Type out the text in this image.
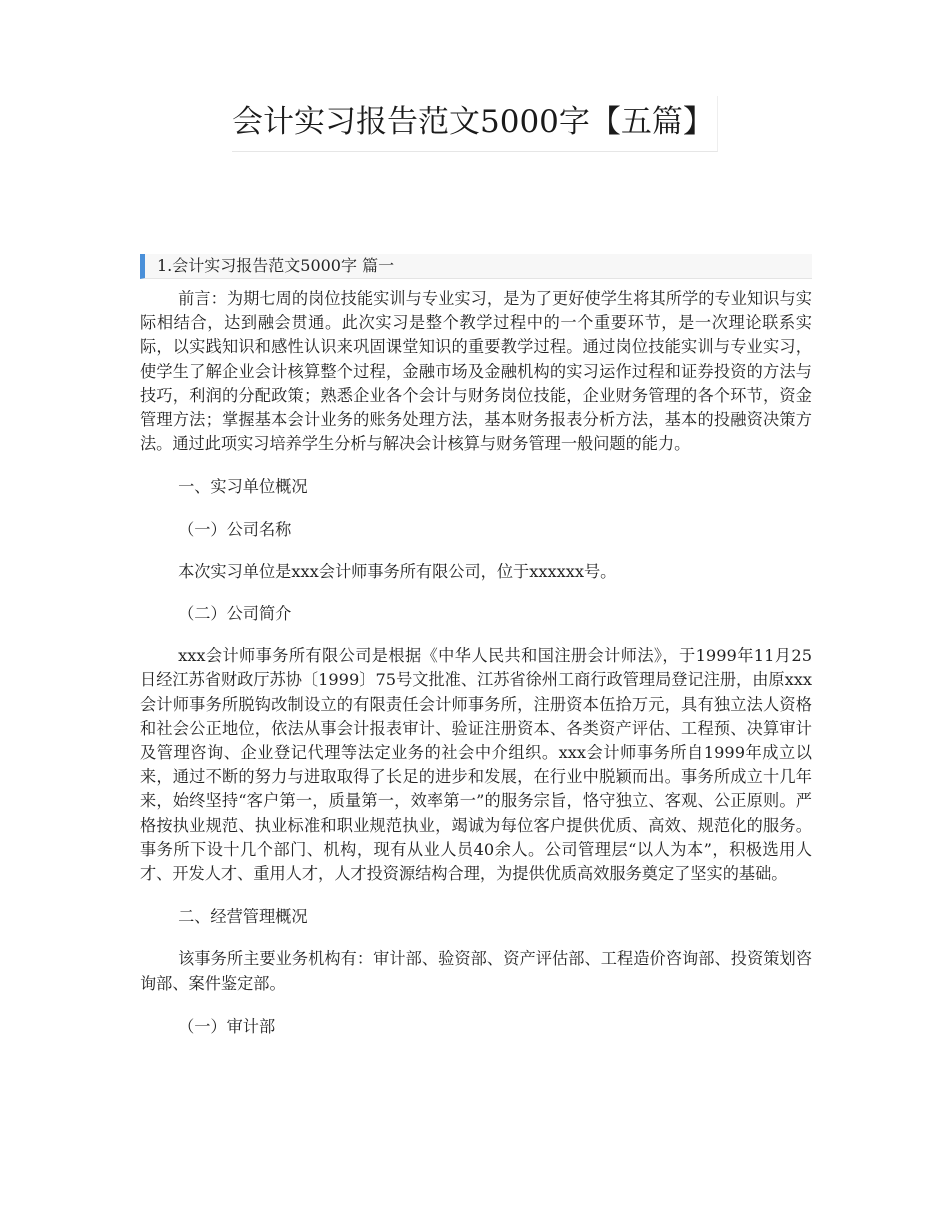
会计实习报告范文5000字【五篇】
1.会计实习报告范文5000字 篇一

前言：为期七周的岗位技能实训与专业实习，是为了更好使学生将其所学的专业知识与实际相结合，达到融会贯通。此次实习是整个教学过程中的一个重要环节，是一次理论联系实际，以实践知识和感性认识来巩固课堂知识的重要教学过程。通过岗位技能实训与专业实习，使学生了解企业会计核算整个过程，金融市场及金融机构的实习运作过程和证券投资的方法与技巧，利润的分配政策；熟悉企业各个会计与财务岗位技能，企业财务管理的各个环节，资金管理方法；掌握基本会计业务的账务处理方法，基本财务报表分析方法，基本的投融资决策方法。通过此项实习培养学生分析与解决会计核算与财务管理一般问题的能力。

一、实习单位概况

（一）公司名称

本次实习单位是xxx会计师事务所有限公司，位于xxxxxx号。

（二）公司简介

xxx会计师事务所有限公司是根据《中华人民共和国注册会计师法》，于1999年11月25日经江苏省财政厅苏协〔1999〕75号文批准、江苏省徐州工商行政管理局登记注册，由原xxx会计师事务所脱钩改制设立的有限责任会计师事务所，注册资本伍拾万元，具有独立法人资格和社会公正地位，依法从事会计报表审计、验证注册资本、各类资产评估、工程预、决算审计及管理咨询、企业登记代理等法定业务的社会中介组织。xxx会计师事务所自1999年成立以来，通过不断的努力与进取取得了长足的进步和发展，在行业中脱颖而出。事务所成立十几年来，始终坚持“客户第一，质量第一，效率第一”的服务宗旨，恪守独立、客观、公正原则。严格按执业规范、执业标准和职业规范执业，竭诚为每位客户提供优质、高效、规范化的服务。事务所下设十几个部门、机构，现有从业人员40余人。公司管理层“以人为本”，积极选用人才、开发人才、重用人才，人才投资源结构合理，为提供优质高效服务奠定了坚实的基础。

二、经营管理概况

该事务所主要业务机构有：审计部、验资部、资产评估部、工程造价咨询部、投资策划咨询部、案件鉴定部。

（一）审计部
